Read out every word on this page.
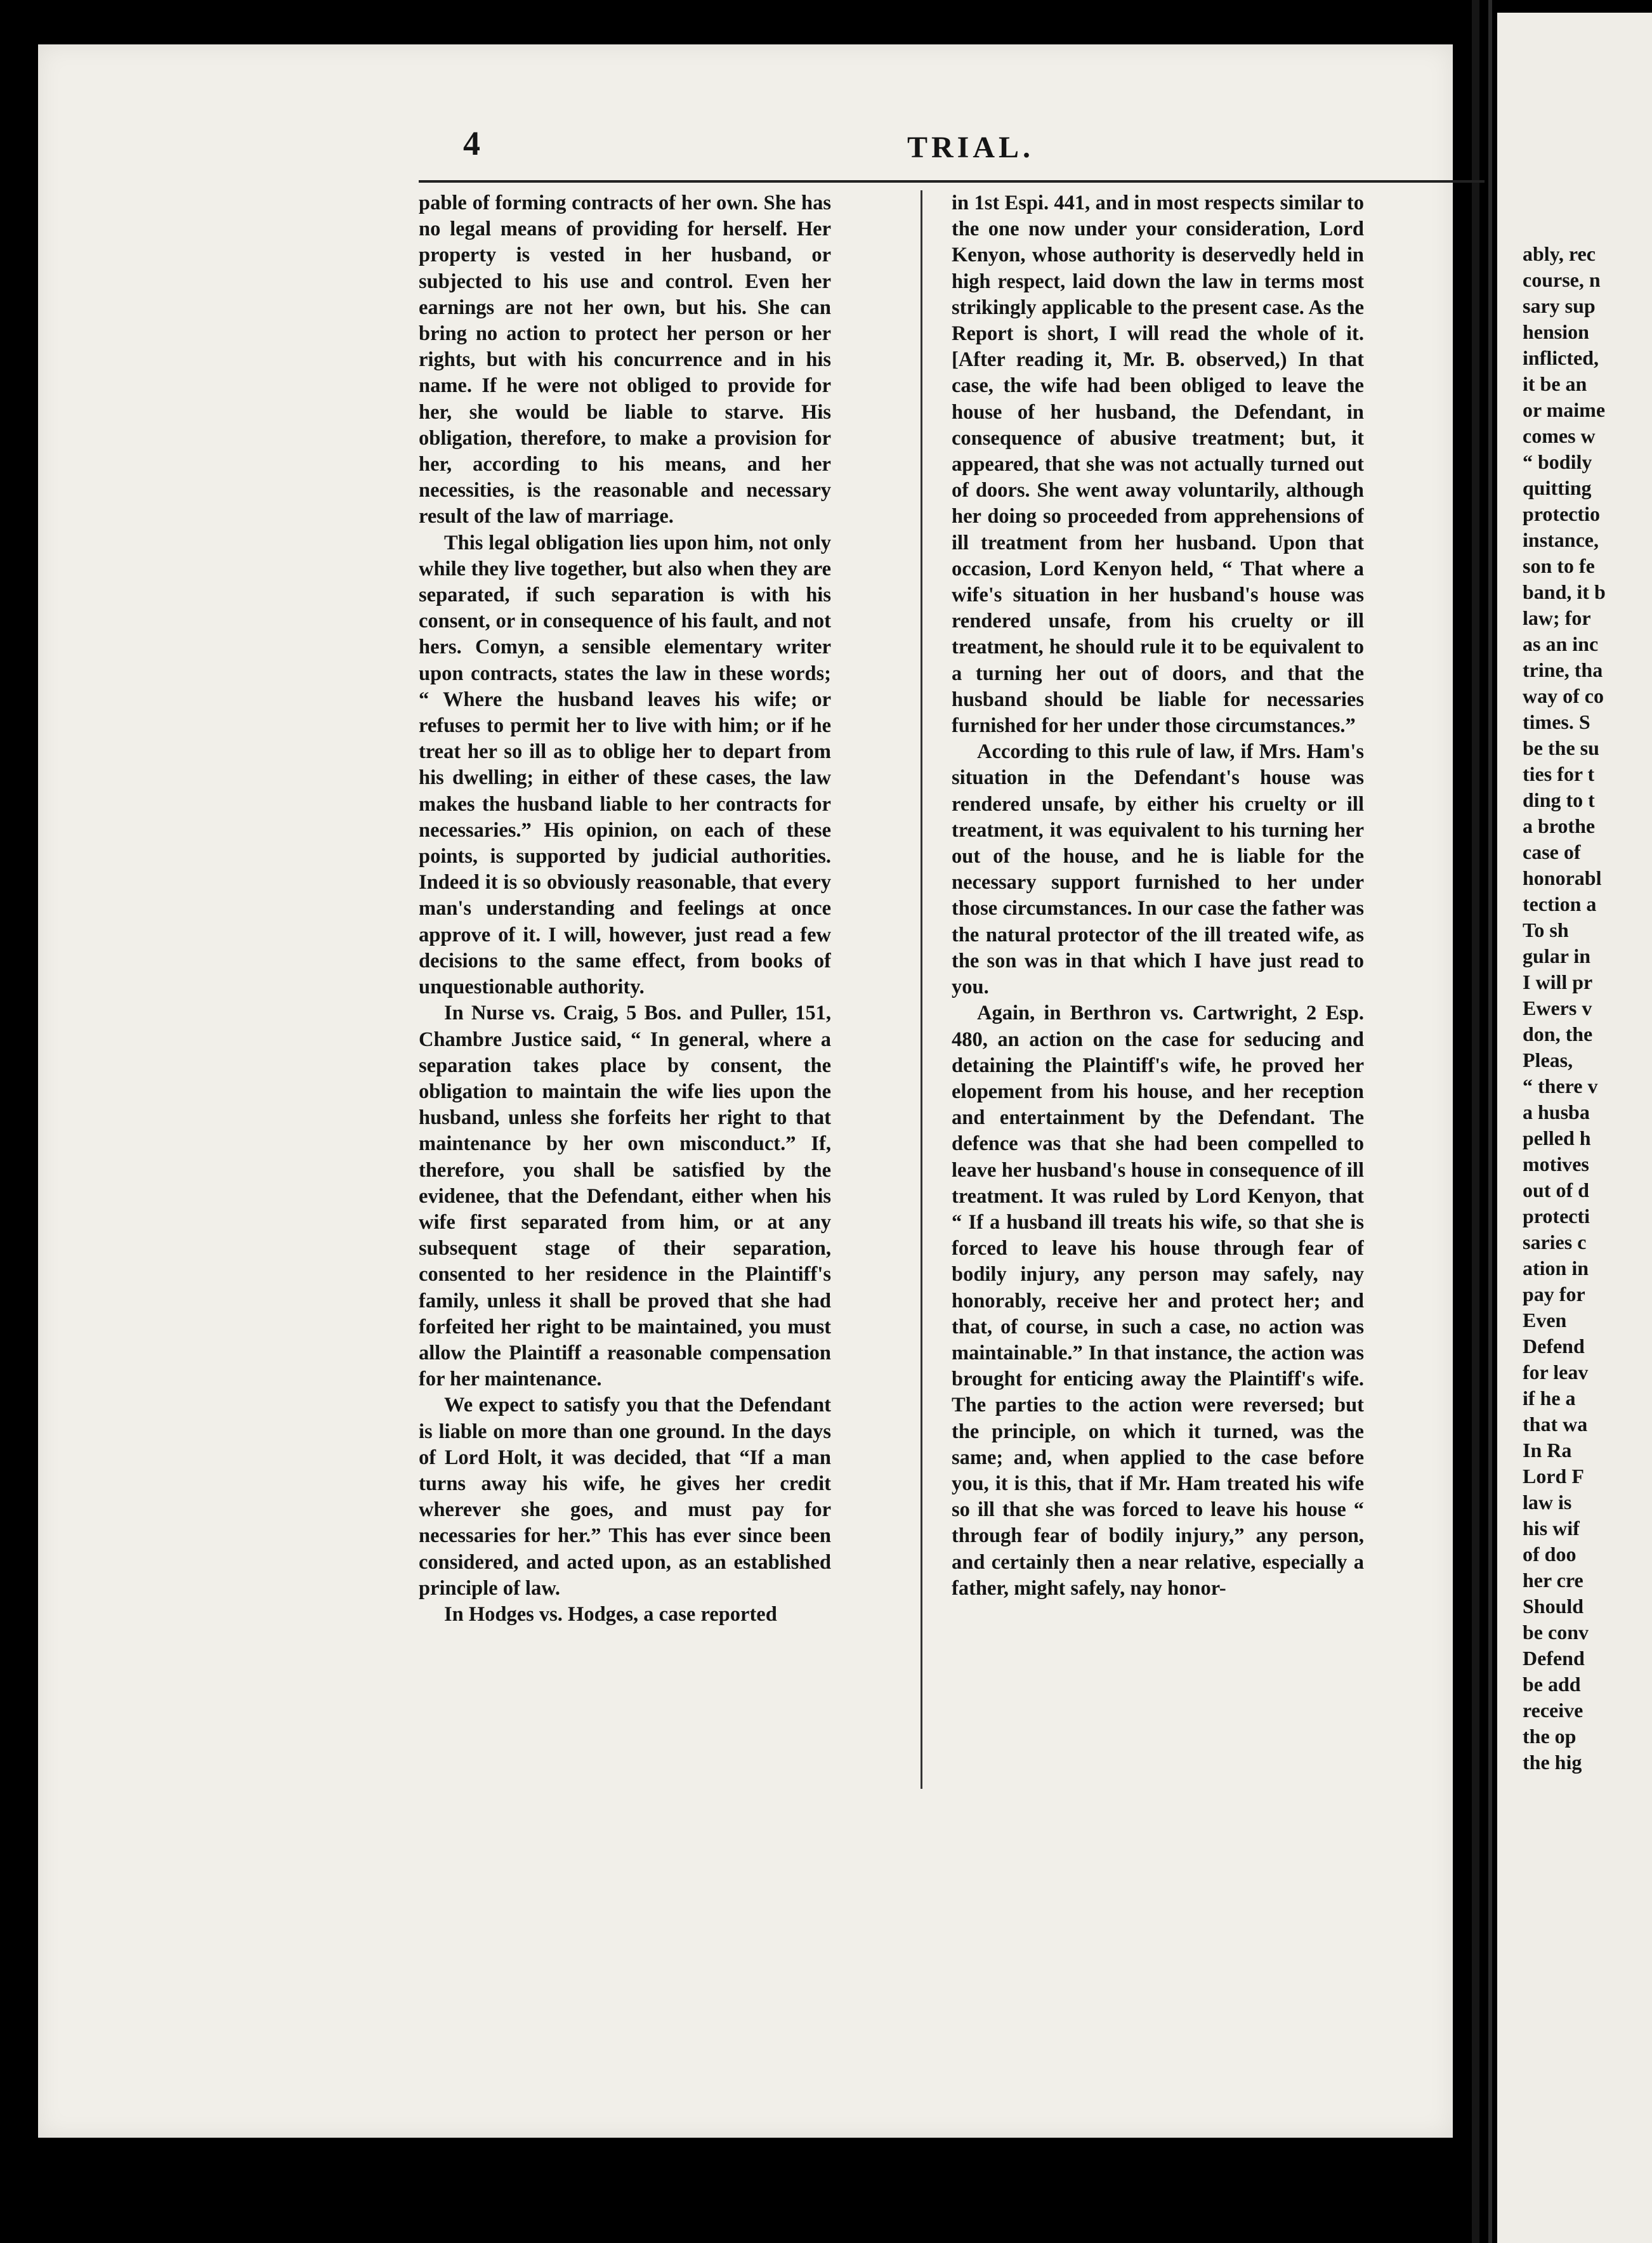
4	TRIAL.

pable of forming contracts of her own. She has no legal means of providing for herself. Her property is vested in her husband, or subjected to his use and control. Even her earnings are not her own, but his. She can bring no action to protect her person or her rights, but with his concurrence and in his name. If he were not obliged to provide for her, she would be liable to starve. His obligation, therefore, to make a provision for her, according to his means, and her necessities, is the reasonable and necessary result of the law of marriage.

This legal obligation lies upon him, not only while they live together, but also when they are separated, if such separation is with his consent, or in consequence of his fault, and not hers. Comyn, a sensible elementary writer upon contracts, states the law in these words; “ Where the husband leaves his wife; or refuses to permit her to live with him; or if he treat her so ill as to oblige her to depart from his dwelling; in either of these cases, the law makes the husband liable to her contracts for necessaries.” His opinion, on each of these points, is supported by judicial authorities. Indeed it is so obviously reasonable, that every man's understanding and feelings at once approve of it. I will, however, just read a few decisions to the same effect, from books of unquestionable authority.

In Nurse vs. Craig, 5 Bos. and Puller, 151, Chambre Justice said, “ In general, where a separation takes place by consent, the obligation to maintain the wife lies upon the husband, unless she forfeits her right to that maintenance by her own misconduct.” If, therefore, you shall be satisfied by the evidenee, that the Defendant, either when his wife first separated from him, or at any subsequent stage of their separation, consented to her residence in the Plaintiff's family, unless it shall be proved that she had forfeited her right to be maintained, you must allow the Plaintiff a reasonable compensation for her maintenance.

We expect to satisfy you that the Defendant is liable on more than one ground. In the days of Lord Holt, it was decided, that “If a man turns away his wife, he gives her credit wherever she goes, and must pay for necessaries for her.” This has ever since been considered, and acted upon, as an established principle of law.

In Hodges vs. Hodges, a case reported

in 1st Espi. 441, and in most respects similar to the one now under your consideration, Lord Kenyon, whose authority is deservedly held in high respect, laid down the law in terms most strikingly applicable to the present case. As the Report is short, I will read the whole of it. [After reading it, Mr. B. observed,) In that case, the wife had been obliged to leave the house of her husband, the Defendant, in consequence of abusive treatment; but, it appeared, that she was not actually turned out of doors. She went away voluntarily, although her doing so proceeded from apprehensions of ill treatment from her husband. Upon that occasion, Lord Kenyon held, “ That where a wife's situation in her husband's house was rendered unsafe, from his cruelty or ill treatment, he should rule it to be equivalent to a turning her out of doors, and that the husband should be liable for necessaries furnished for her under those circumstances.”

According to this rule of law, if Mrs. Ham's situation in the Defendant's house was rendered unsafe, by either his cruelty or ill treatment, it was equivalent to his turning her out of the house, and he is liable for the necessary support furnished to her under those circumstances. In our case the father was the natural protector of the ill treated wife, as the son was in that which I have just read to you.

Again, in Berthron vs. Cartwright, 2 Esp. 480, an action on the case for seducing and detaining the Plaintiff's wife, he proved her elopement from his house, and her reception and entertainment by the Defendant. The defence was that she had been compelled to leave her husband's house in consequence of ill treatment. It was ruled by Lord Kenyon, that “ If a husband ill treats his wife, so that she is forced to leave his house through fear of bodily injury, any person may safely, nay honorably, receive her and protect her; and that, of course, in such a case, no action was maintainable.” In that instance, the action was brought for enticing away the Plaintiff's wife. The parties to the action were reversed; but the principle, on which it turned, was the same; and, when applied to the case before you, it is this, that if Mr. Ham treated his wife so ill that she was forced to leave his house “ through fear of bodily injury,” any person, and certainly then a near relative, especially a father, might safely, nay honor-

ably, rec
course, n
sary sup
hension
inflicted,
it be an
or maime
comes w
“ bodily
quitting
protectio
instance,
son to fe
band, it b
law; for
as an inc
trine, tha
way of co
times. S
be the su
ties for t
ding to t
a brothe
case of
honorabl
tection a
To sh
gular in
I will pr
Ewers v
don, the
Pleas,
“ there v
a husba
pelled h
motives
out of d
protecti
saries c
ation in
pay for
Even
Defend
for leav
if he a
that wa
In Ra
Lord F
law is
his wif
of doo
her cre
Should
be conv
Defend
be add
receive
the op
the hig
